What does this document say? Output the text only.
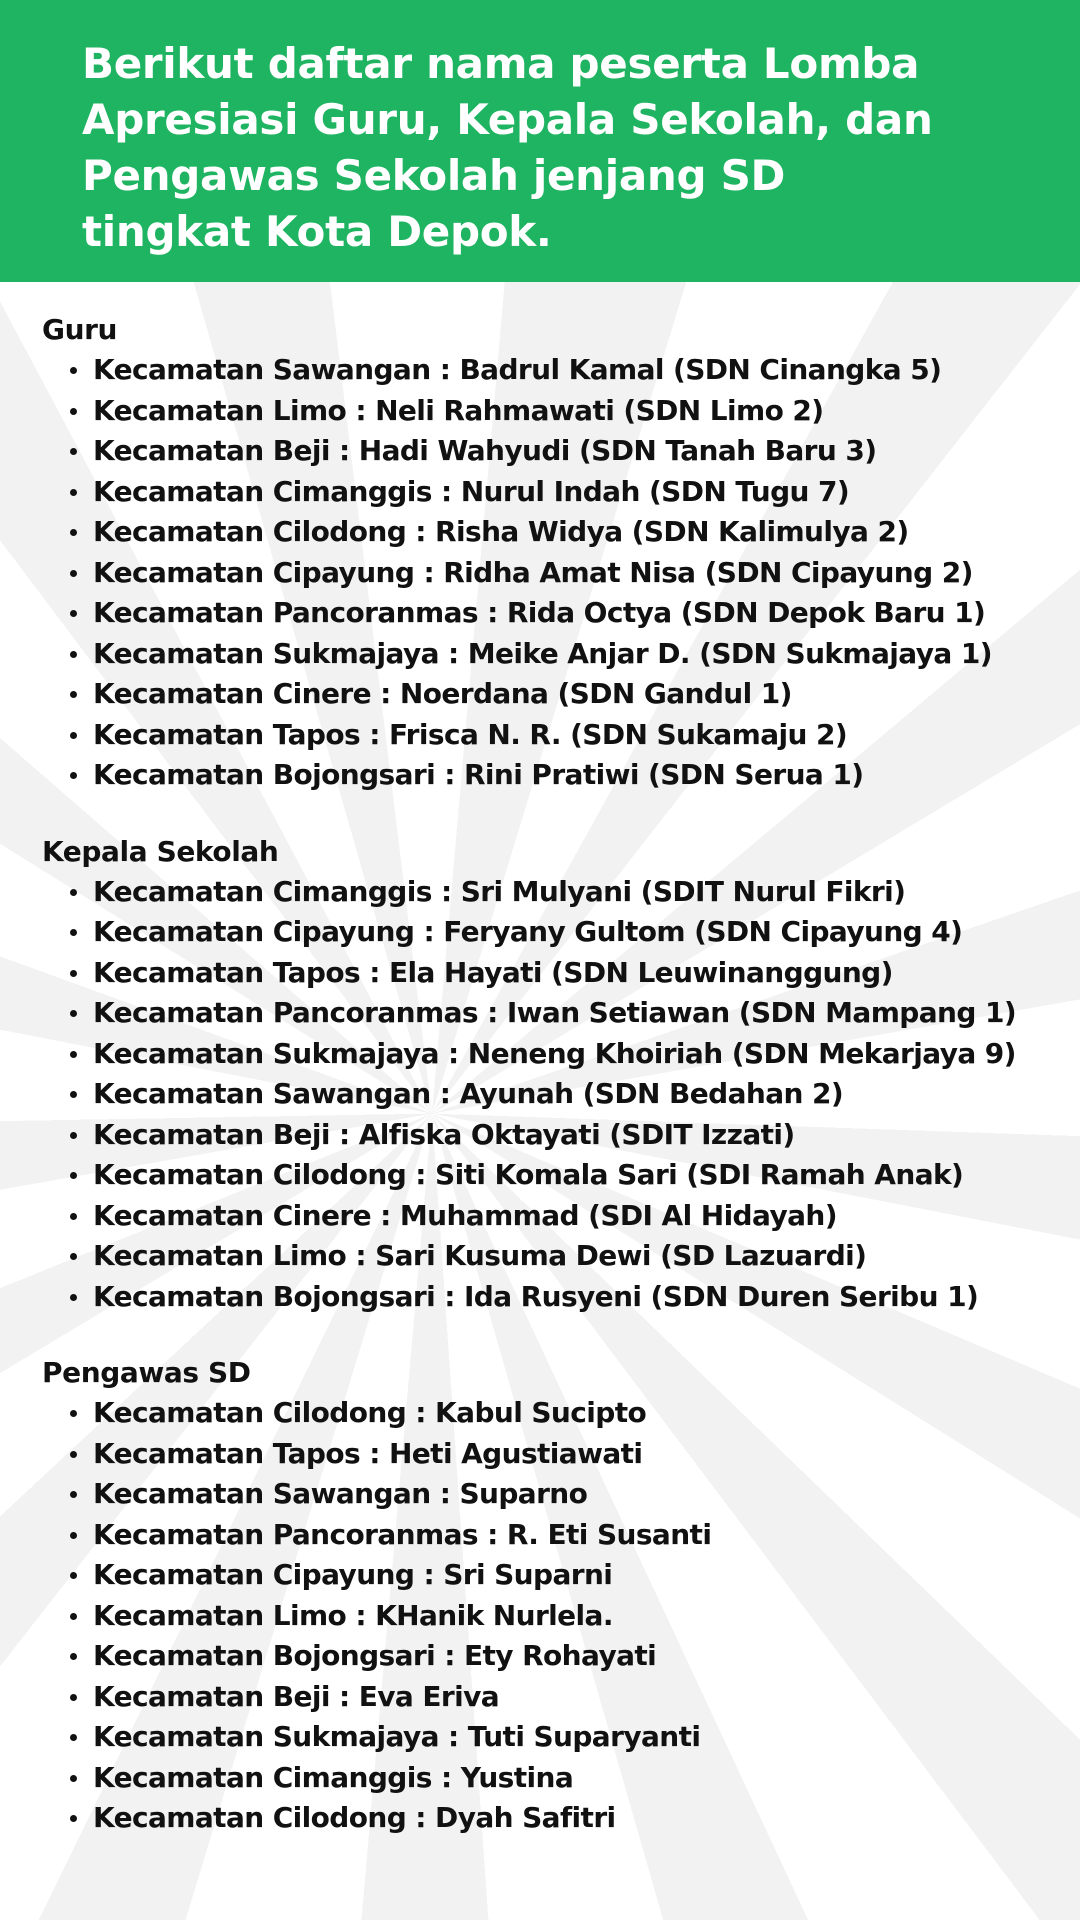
Berikut daftar nama peserta Lomba Apresiasi Guru, Kepala Sekolah, dan Pengawas Sekolah jenjang SD tingkat Kota Depok.
Guru
Kecamatan Sawangan : Badrul Kamal (SDN Cinangka 5)
Kecamatan Limo : Neli Rahmawati (SDN Limo 2)
Kecamatan Beji : Hadi Wahyudi (SDN Tanah Baru 3)
Kecamatan Cimanggis : Nurul Indah (SDN Tugu 7)
Kecamatan Cilodong : Risha Widya (SDN Kalimulya 2)
Kecamatan Cipayung : Ridha Amat Nisa (SDN Cipayung 2)
Kecamatan Pancoranmas : Rida Octya (SDN Depok Baru 1)
Kecamatan Sukmajaya : Meike Anjar D. (SDN Sukmajaya 1)
Kecamatan Cinere : Noerdana (SDN Gandul 1)
Kecamatan Tapos : Frisca N. R. (SDN Sukamaju 2)
Kecamatan Bojongsari : Rini Pratiwi (SDN Serua 1)
Kepala Sekolah
Kecamatan Cimanggis : Sri Mulyani (SDIT Nurul Fikri)
Kecamatan Cipayung : Feryany Gultom (SDN Cipayung 4)
Kecamatan Tapos : Ela Hayati (SDN Leuwinanggung)
Kecamatan Pancoranmas : Iwan Setiawan (SDN Mampang 1)
Kecamatan Sukmajaya : Neneng Khoiriah (SDN Mekarjaya 9)
Kecamatan Sawangan : Ayunah (SDN Bedahan 2)
Kecamatan Beji : Alfiska Oktayati (SDIT Izzati)
Kecamatan Cilodong : Siti Komala Sari (SDI Ramah Anak)
Kecamatan Cinere : Muhammad (SDI Al Hidayah)
Kecamatan Limo : Sari Kusuma Dewi (SD Lazuardi)
Kecamatan Bojongsari : Ida Rusyeni (SDN Duren Seribu 1)
Pengawas SD
Kecamatan Cilodong : Kabul Sucipto
Kecamatan Tapos : Heti Agustiawati
Kecamatan Sawangan : Suparno
Kecamatan Pancoranmas : R. Eti Susanti
Kecamatan Cipayung : Sri Suparni
Kecamatan Limo : KHanik Nurlela.
Kecamatan Bojongsari : Ety Rohayati
Kecamatan Beji : Eva Eriva
Kecamatan Sukmajaya : Tuti Suparyanti
Kecamatan Cimanggis : Yustina
Kecamatan Cilodong : Dyah Safitri
